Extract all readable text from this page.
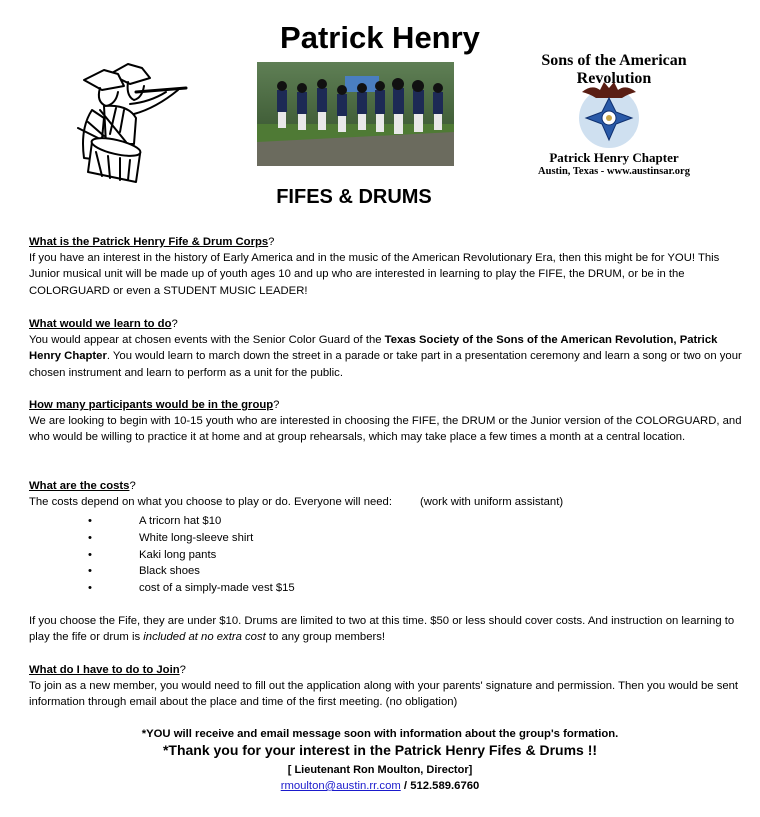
Patrick Henry
Sons of the American Revolution
Patrick Henry Chapter
Austin, Texas - www.austinsar.org
FIFES & DRUMS

What is the Patrick Henry Fife & Drum Corps?

If you have an interest in the history of Early America and in the music of the American Revolutionary Era, then this might be for YOU! This Junior musical unit will be made up of youth ages 10 and up who are interested in learning to play the FIFE, the DRUM, or be in the COLORGUARD or even a STUDENT MUSIC LEADER!

What would we learn to do?

You would appear at chosen events with the Senior Color Guard of the Texas Society of the Sons of the American Revolution, Patrick Henry Chapter. You would learn to march down the street in a parade or take part in a presentation ceremony and learn a song or two on your chosen instrument and learn to perform as a unit for the public.

How many participants would be in the group?

We are looking to begin with 10-15 youth who are interested in choosing the FIFE, the DRUM or the Junior version of the COLORGUARD, and who would be willing to practice it at home and at group rehearsals, which may take place a few times a month at a central location.

What are the costs?

The costs depend on what you choose to play or do. Everyone will need: (work with uniform assistant)

•	A tricorn hat $10
•	White long-sleeve shirt
•	Kaki long pants
•	Black shoes
•	cost of a simply-made vest $15

If you choose the Fife, they are under $10. Drums are limited to two at this time. $50 or less should cover costs. And instruction on learning to play the fife or drum is included at no extra cost to any group members!

What do I have to do to Join?

To join as a new member, you would need to fill out the application along with your parents' signature and permission. Then you would be sent information through email about the place and time of the first meeting. (no obligation)

*YOU will receive and email message soon with information about the group's formation.
*Thank you for your interest in the Patrick Henry Fifes & Drums !!
[ Lieutenant Ron Moulton, Director]
rmoulton@austin.rr.com / 512.589.6760
